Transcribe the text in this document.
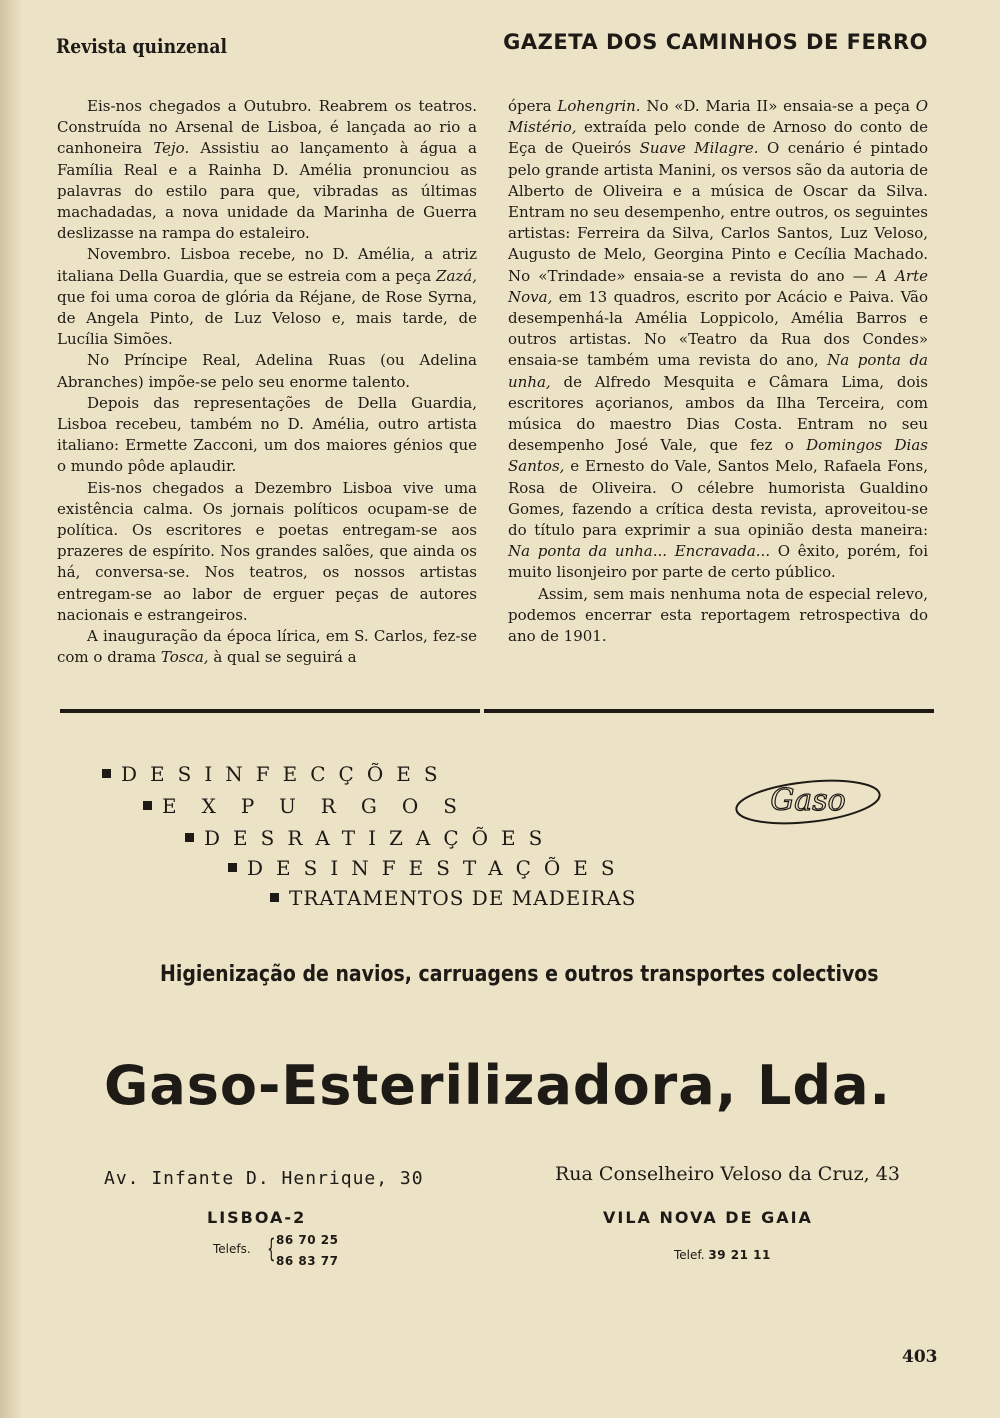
Revista quinzenal	GAZETA DOS CAMINHOS DE FERRO

Eis-nos chegados a Outubro. Reabrem os teatros. Construída no Arsenal de Lisboa, é lançada ao rio a canhoneira Tejo. Assistiu ao lançamento à água a Família Real e a Rainha D. Amélia pronunciou as palavras do estilo para que, vibradas as últimas machadadas, a nova unidade da Marinha de Guerra deslizasse na rampa do estaleiro.

Novembro. Lisboa recebe, no D. Amélia, a atriz italiana Della Guardia, que se estreia com a peça Zazá, que foi uma coroa de glória da Réjane, de Rose Syrna, de Angela Pinto, de Luz Veloso e, mais tarde, de Lucília Simões.

No Príncipe Real, Adelina Ruas (ou Adelina Abranches) impõe-se pelo seu enorme talento.

Depois das representações de Della Guardia, Lisboa recebeu, também no D. Amélia, outro artista italiano: Ermette Zacconi, um dos maiores génios que o mundo pôde aplaudir.

Eis-nos chegados a Dezembro Lisboa vive uma existência calma. Os jornais políticos ocupam-se de política. Os escritores e poetas entregam-se aos prazeres de espírito. Nos grandes salões, que ainda os há, conversa-se. Nos teatros, os nossos artistas entregam-se ao labor de erguer peças de autores nacionais e estrangeiros.

A inauguração da época lírica, em S. Carlos, fez-se com o drama Tosca, à qual se seguirá a

ópera Lohengrin. No «D. Maria II» ensaia-se a peça O Mistério, extraída pelo conde de Arnoso do conto de Eça de Queirós Suave Milagre. O cenário é pintado pelo grande artista Manini, os versos são da autoria de Alberto de Oliveira e a música de Oscar da Silva. Entram no seu desempenho, entre outros, os seguintes artistas: Ferreira da Silva, Carlos Santos, Luz Veloso, Augusto de Melo, Georgina Pinto e Cecília Machado. No «Trindade» ensaia-se a revista do ano — A Arte Nova, em 13 quadros, escrito por Acácio e Paiva. Vão desempenhá-la Amélia Loppicolo, Amélia Barros e outros artistas. No «Teatro da Rua dos Condes» ensaia-se também uma revista do ano, Na ponta da unha, de Alfredo Mesquita e Câmara Lima, dois escritores açorianos, ambos da Ilha Terceira, com música do maestro Dias Costa. Entram no seu desempenho José Vale, que fez o Domingos Dias Santos, e Ernesto do Vale, Santos Melo, Rafaela Fons, Rosa de Oliveira. O célebre humorista Gualdino Gomes, fazendo a crítica desta revista, aproveitou-se do título para exprimir a sua opinião desta maneira: Na ponta da unha... Encravada... O êxito, porém, foi muito lisonjeiro por parte de certo público.

Assim, sem mais nenhuma nota de especial relevo, podemos encerrar esta reportagem retrospectiva do ano de 1901.

DESINFECÇÕES
EXPURGOS
DESRATIZAÇÕES
DESINFESTAÇÕES
TRATAMENTOS DE MADEIRAS
Gaso
Higienização de navios, carruagens e outros transportes colectivos
Gaso-Esterilizadora, Lda.
Av. Infante D. Henrique, 30	Rua Conselheiro Veloso da Cruz, 43
LISBOA-2	VILA NOVA DE GAIA
Telefs. { 86 70 25
86 83 77	Telef. 39 21 11
403
